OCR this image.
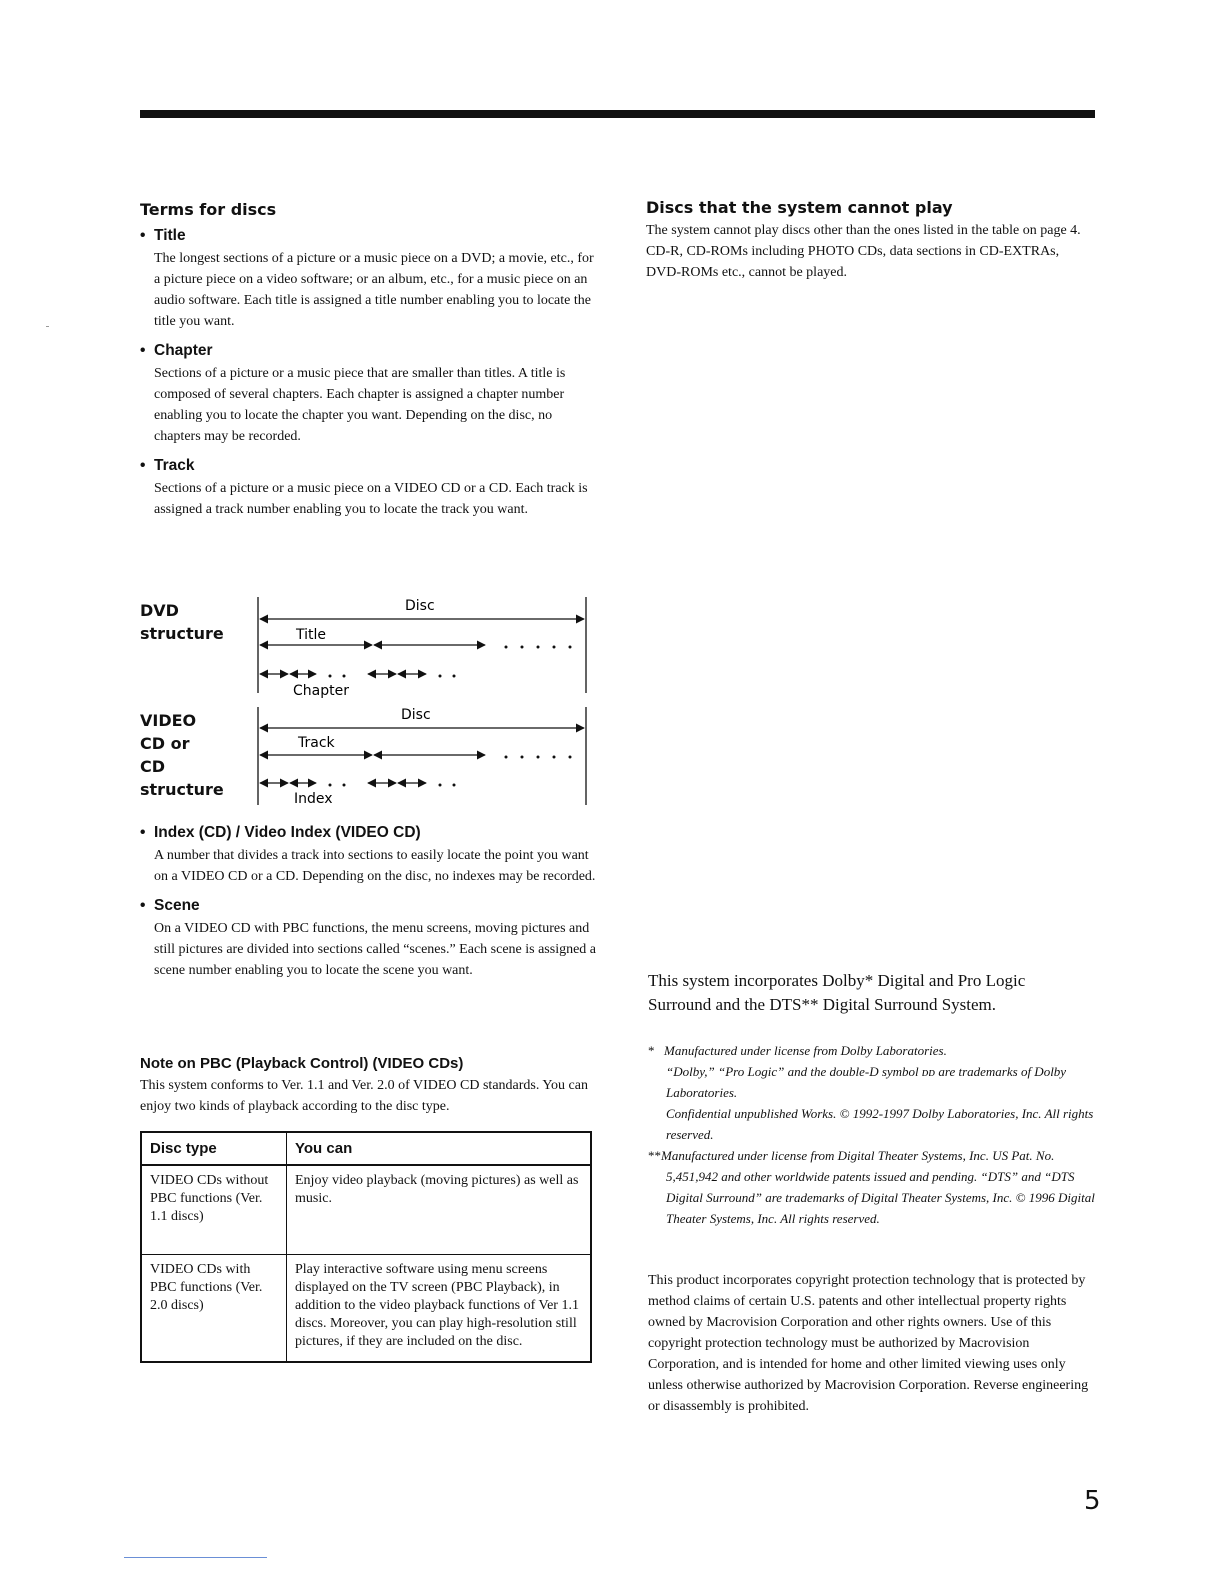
Terms for discs
• Title

The longest sections of a picture or a music piece on a DVD; a movie, etc., for a picture piece on a video software; or an album, etc., for a music piece on an audio software. Each title is assigned a title number enabling you to locate the title you want.

• Chapter

Sections of a picture or a music piece that are smaller than titles. A title is composed of several chapters. Each chapter is assigned a chapter number enabling you to locate the chapter you want. Depending on the disc, no chapters may be recorded.

• Track

Sections of a picture or a music piece on a VIDEO CD or a CD. Each track is assigned a track number enabling you to locate the track you want.

DVD
structure
VIDEO
CD or
CD
structure
Disc
Title
Chapter
Disc
Track
Index
• Index (CD) / Video Index (VIDEO CD)

A number that divides a track into sections to easily locate the point you want on a VIDEO CD or a CD. Depending on the disc, no indexes may be recorded.

• Scene

On a VIDEO CD with PBC functions, the menu screens, moving pictures and still pictures are divided into sections called “scenes.” Each scene is assigned a scene number enabling you to locate the scene you want.

Note on PBC (Playback Control) (VIDEO CDs)

This system conforms to Ver. 1.1 and Ver. 2.0 of VIDEO CD standards. You can enjoy two kinds of playback according to the disc type.

Disc type	You can
VIDEO CDs without PBC functions (Ver. 1.1 discs)	Enjoy video playback (moving pictures) as well as music.
VIDEO CDs with PBC functions (Ver. 2.0 discs)	Play interactive software using menu screens displayed on the TV screen (PBC Playback), in addition to the video playback functions of Ver 1.1 discs. Moreover, you can play high-resolution still pictures, if they are included on the disc.
Discs that the system cannot play

The system cannot play discs other than the ones listed in the table on page 4. CD-R, CD-ROMs including PHOTO CDs, data sections in CD-EXTRAs, DVD-ROMs etc., cannot be played.

This system incorporates Dolby* Digital and Pro Logic Surround and the DTS** Digital Surround System.

* Manufactured under license from Dolby Laboratories.
“Dolby,” “Pro Logic” and the double-D symbol ᴅᴅ are trademarks of Dolby Laboratories.
Confidential unpublished Works. © 1992-1997 Dolby Laboratories, Inc. All rights reserved.

**Manufactured under license from Digital Theater Systems, Inc. US Pat. No. 5,451,942 and other worldwide patents issued and pending. “DTS” and “DTS Digital Surround” are trademarks of Digital Theater Systems, Inc. © 1996 Digital Theater Systems, Inc. All rights reserved.

This product incorporates copyright protection technology that is protected by method claims of certain U.S. patents and other intellectual property rights owned by Macrovision Corporation and other rights owners. Use of this copyright protection technology must be authorized by Macrovision Corporation, and is intended for home and other limited viewing uses only unless otherwise authorized by Macrovision Corporation. Reverse engineering or disassembly is prohibited.

5
